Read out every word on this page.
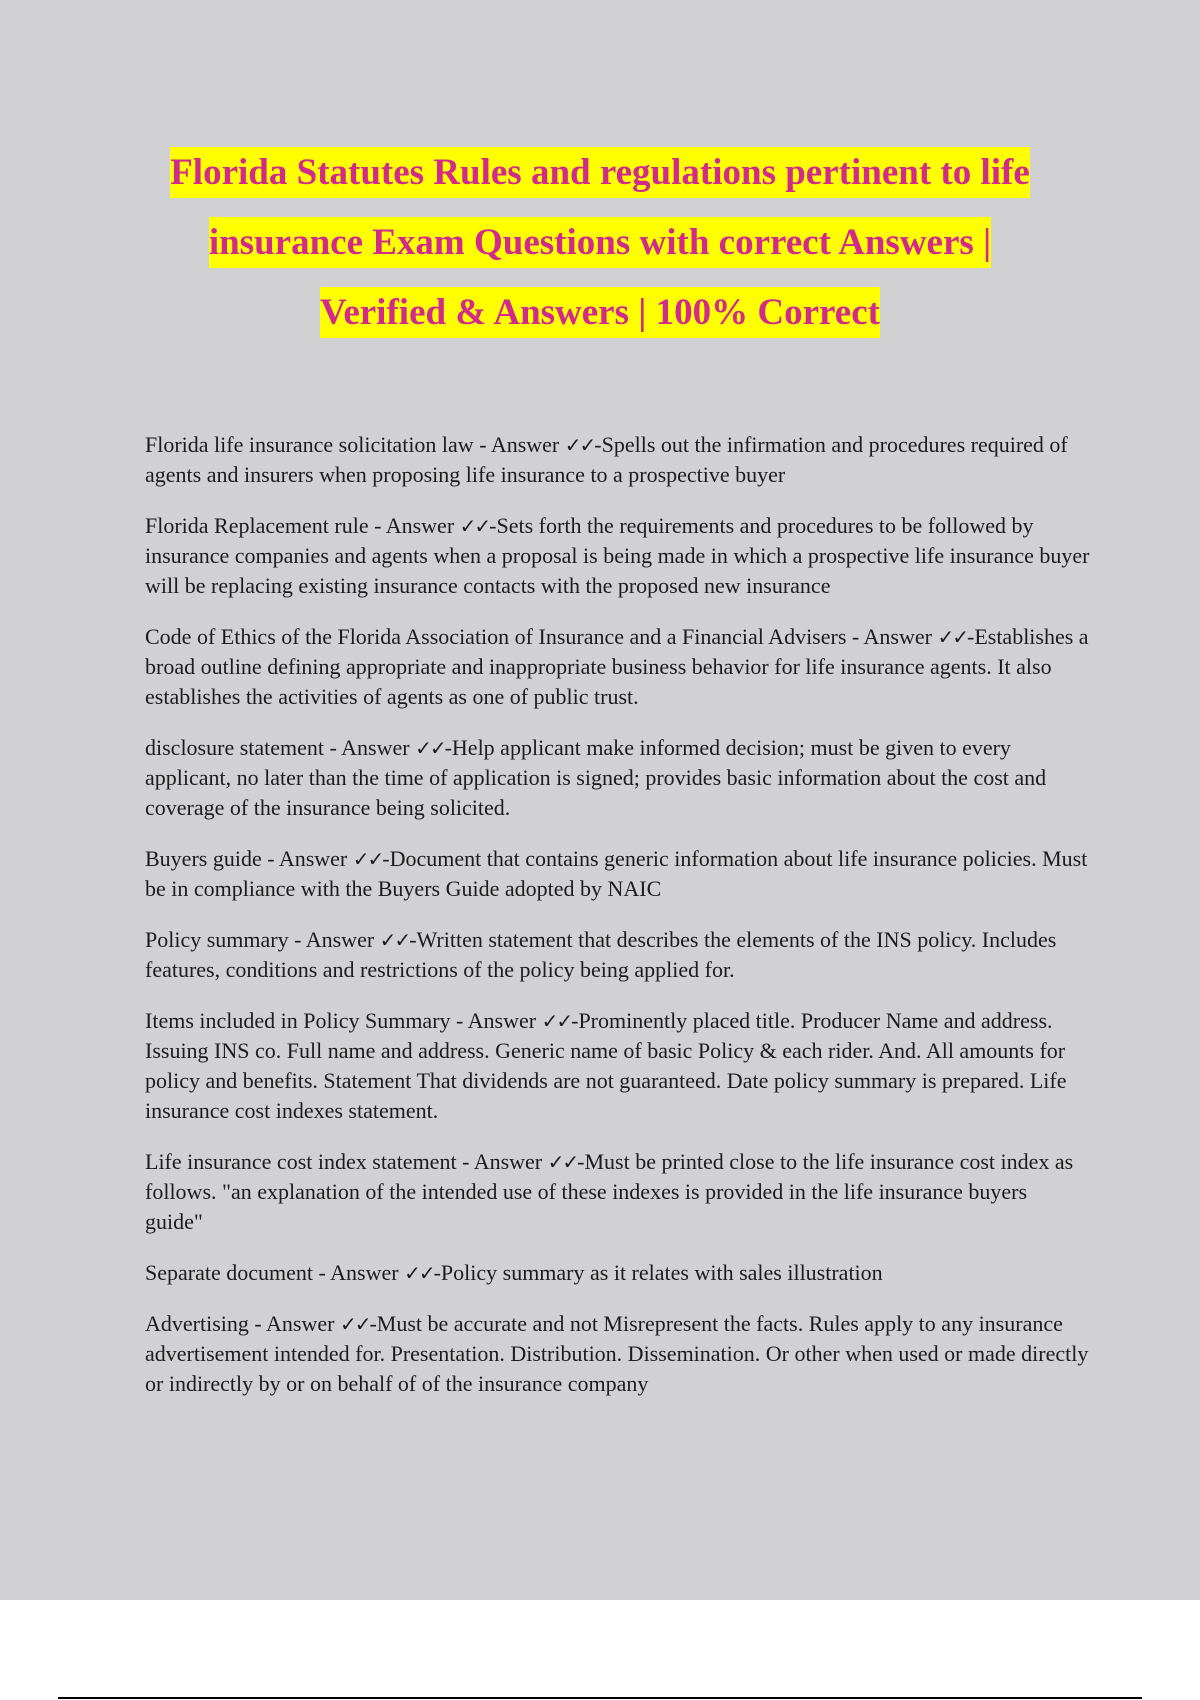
Florida Statutes Rules and regulations pertinent to life
insurance Exam Questions with correct Answers |
Verified & Answers | 100% Correct

Florida life insurance solicitation law - Answer ✓✓-Spells out the infirmation and procedures required of agents and insurers when proposing life insurance to a prospective buyer

Florida Replacement rule - Answer ✓✓-Sets forth the requirements and procedures to be followed by insurance companies and agents when a proposal is being made in which a prospective life insurance buyer will be replacing existing insurance contacts with the proposed new insurance

Code of Ethics of the Florida Association of Insurance and a Financial Advisers - Answer ✓✓-Establishes a broad outline defining appropriate and inappropriate business behavior for life insurance agents. It also establishes the activities of agents as one of public trust.

disclosure statement - Answer ✓✓-Help applicant make informed decision; must be given to every applicant, no later than the time of application is signed; provides basic information about the cost and coverage of the insurance being solicited.

Buyers guide - Answer ✓✓-Document that contains generic information about life insurance policies. Must be in compliance with the Buyers Guide adopted by NAIC

Policy summary - Answer ✓✓-Written statement that describes the elements of the INS policy. Includes features, conditions and restrictions of the policy being applied for.

Items included in Policy Summary - Answer ✓✓-Prominently placed title. Producer Name and address. Issuing INS co. Full name and address. Generic name of basic Policy & each rider. And. All amounts for policy and benefits. Statement That dividends are not guaranteed. Date policy summary is prepared. Life insurance cost indexes statement.

Life insurance cost index statement - Answer ✓✓-Must be printed close to the life insurance cost index as follows. "an explanation of the intended use of these indexes is provided in the life insurance buyers guide"

Separate document - Answer ✓✓-Policy summary as it relates with sales illustration

Advertising - Answer ✓✓-Must be accurate and not Misrepresent the facts. Rules apply to any insurance advertisement intended for. Presentation. Distribution. Dissemination. Or other when used or made directly or indirectly by or on behalf of of the insurance company
